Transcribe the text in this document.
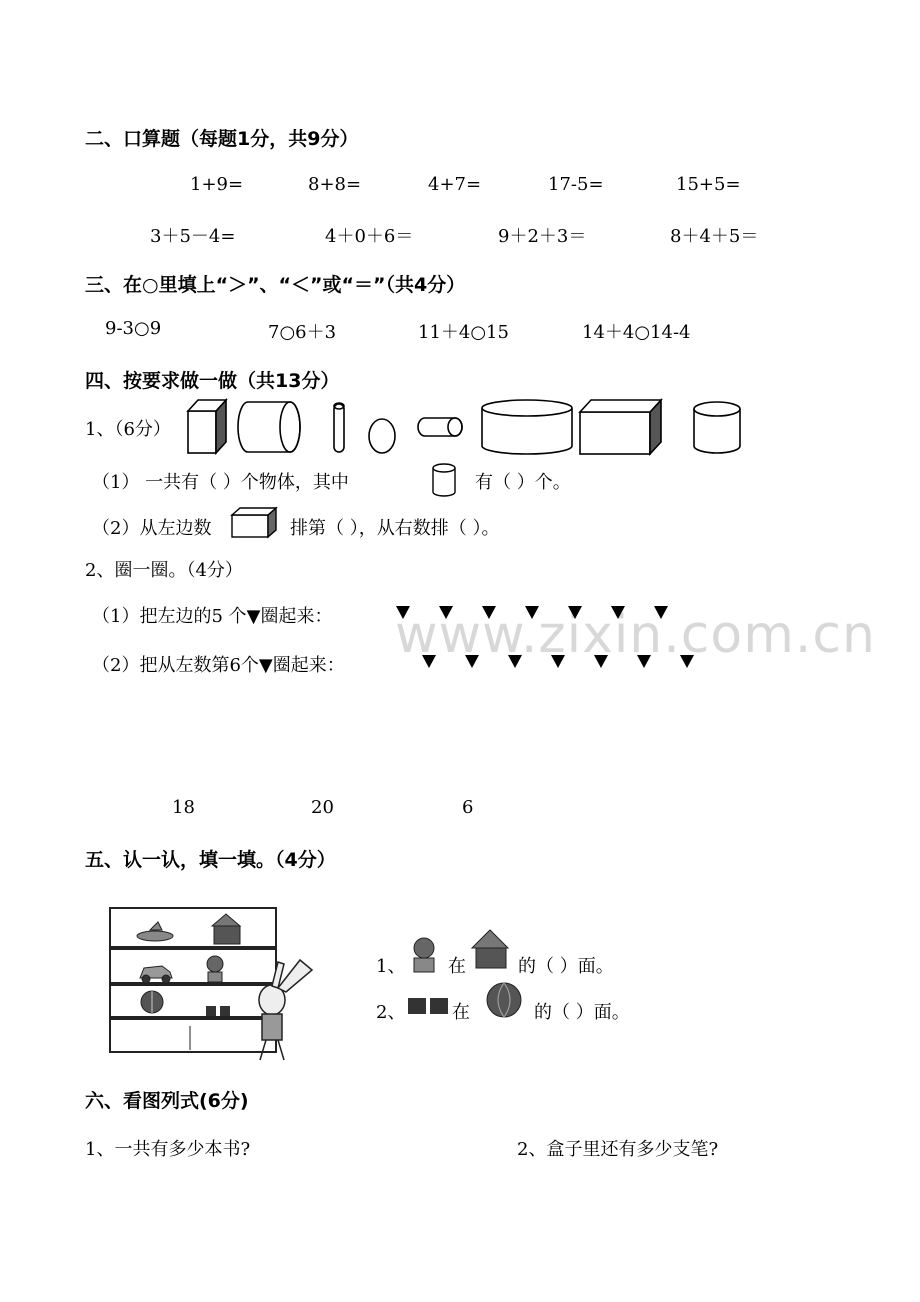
www.zixin.com.cn
二、口算题（每题1分，共9分）
1+9=	8+8=	4+7=	17-5=	15+5=
3＋5－4=	4＋0＋6＝	9＋2＋3＝	8＋4＋5＝
三、在○里填上“＞”、“＜”或“＝”（共4分）
9-3○9	7○6＋3	11＋4○15	14＋4○14-4
四、按要求做一做（共13分）
1、（6分）
（1） 一共有（ ）个物体，其中	有（ ）个。
（2）从左边数	排第（ ），从右数排（ ）。
2、圈一圈。（4分）
（1）把左边的5 个▼圈起来：
（2）把从左数第6个▼圈起来：
18	20	6
五、认一认，填一填。（4分）
1、 在	的（ ）面。
2、	在	的（ ）面。
六、看图列式(6分)
1、一共有多少本书?	2、盒子里还有多少支笔?
